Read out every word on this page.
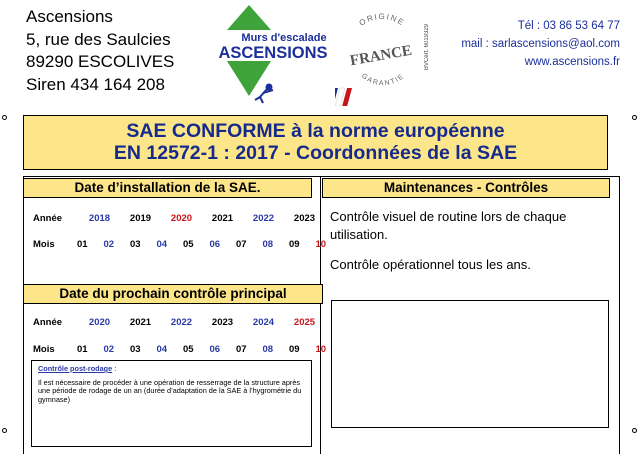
Ascensions
5, rue des Saulcies
89290 ESCOLIVES
Siren 434 164 208
Murs d'escalade
ASCENSIONS
ORIGINE
FRANCE
GARANTIE
BVCert. 6019329	Tél : 03 86 53 64 77
mail : sarlascensions@aol.com
www.ascensions.fr
SAE CONFORME à la norme européenne
EN 12572-1 : 2017 - Coordonnées de la SAE
Date d’installation de la SAE.
Année	2018	2019	2020	2021	2022	2023
Mois	01	02	03	04	05	06	07	08	09	10
Date du prochain contrôle principal
Année	2020	2021	2022	2023	2024	2025
Mois	01	02	03	04	05	06	07	08	09	10
Contrôle post-rodage :
Il est nécessaire de procéder à une opération de resserrage de la structure après une période de rodage de un an (durée d’adaptation de la SAE à l’hygrométrie du gymnase)
Maintenances - Contrôles
Contrôle visuel de routine lors de chaque utilisation.
Contrôle opérationnel tous les ans.
